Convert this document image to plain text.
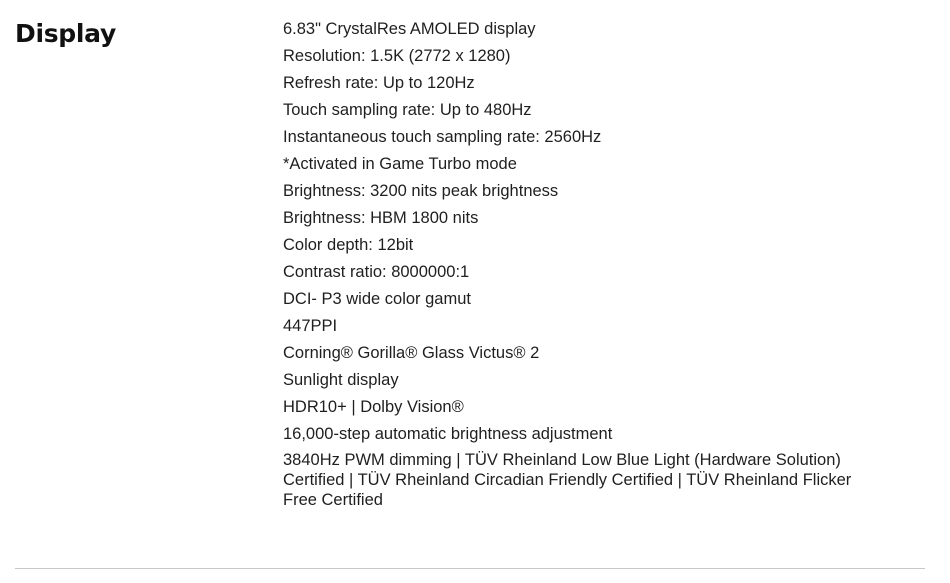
Display	6.83" CrystalRes AMOLED display
Resolution: 1.5K (2772 x 1280)
Refresh rate: Up to 120Hz
Touch sampling rate: Up to 480Hz
Instantaneous touch sampling rate: 2560Hz
*Activated in Game Turbo mode
Brightness: 3200 nits peak brightness
Brightness: HBM 1800 nits
Color depth: 12bit
Contrast ratio: 8000000:1
DCI- P3 wide color gamut
447PPI
Corning® Gorilla® Glass Victus® 2
Sunlight display
HDR10+ | Dolby Vision®
16,000-step automatic brightness adjustment
3840Hz PWM dimming | TÜV Rheinland Low Blue Light (Hardware Solution) Certified | TÜV Rheinland Circadian Friendly Certified | TÜV Rheinland Flicker Free Certified
